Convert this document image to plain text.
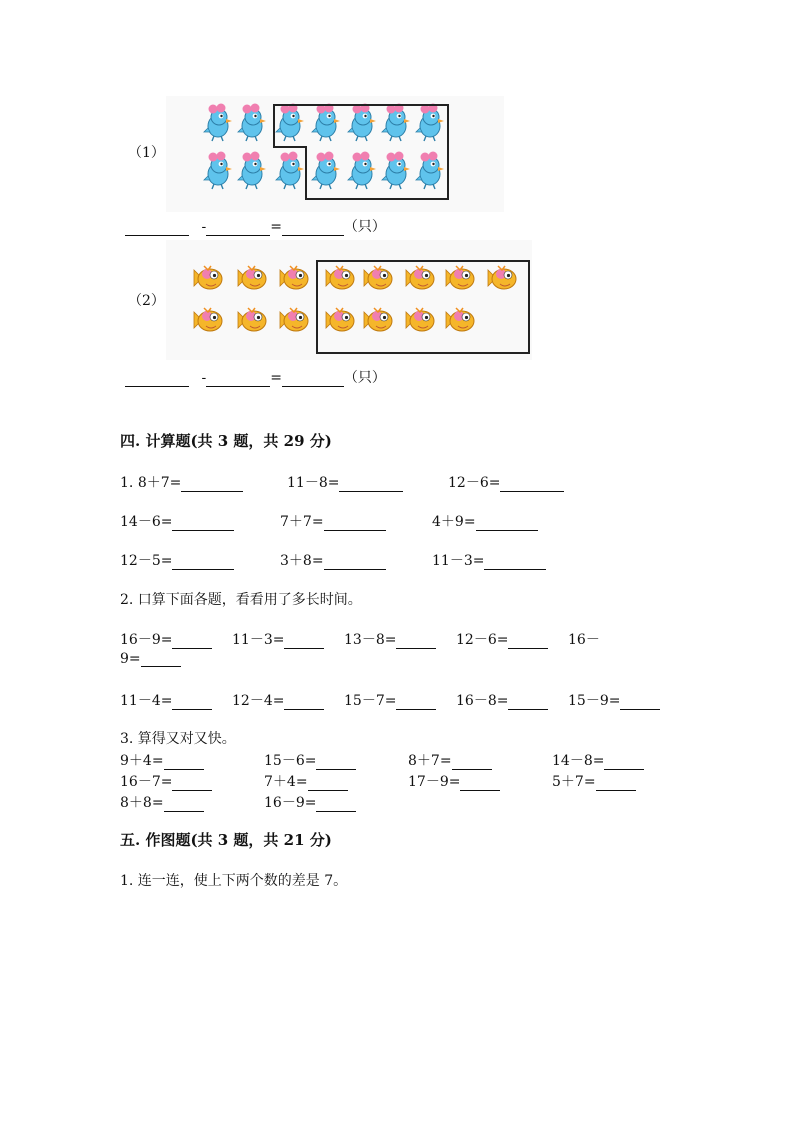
（1）
-	=	（只）
（2）
-	=	（只）
四. 计算题(共 3 题，共 29 分)
1. 8＋7=	11－8=	12－6=
14－6=	7＋7=	4＋9=
12－5=	3＋8=	11－3=
2. 口算下面各题，看看用了多长时间。
16－9=	11－3=	13－8=	12－6=	16－
9=
11－4=	12－4=	15－7=	16－8=	15－9=
3. 算得又对又快。
9＋4=	15－6=	8＋7=	14－8=
16－7=	7＋4=	17－9=	5＋7=
8＋8=	16－9=
五. 作图题(共 3 题，共 21 分)
1. 连一连，使上下两个数的差是 7。
